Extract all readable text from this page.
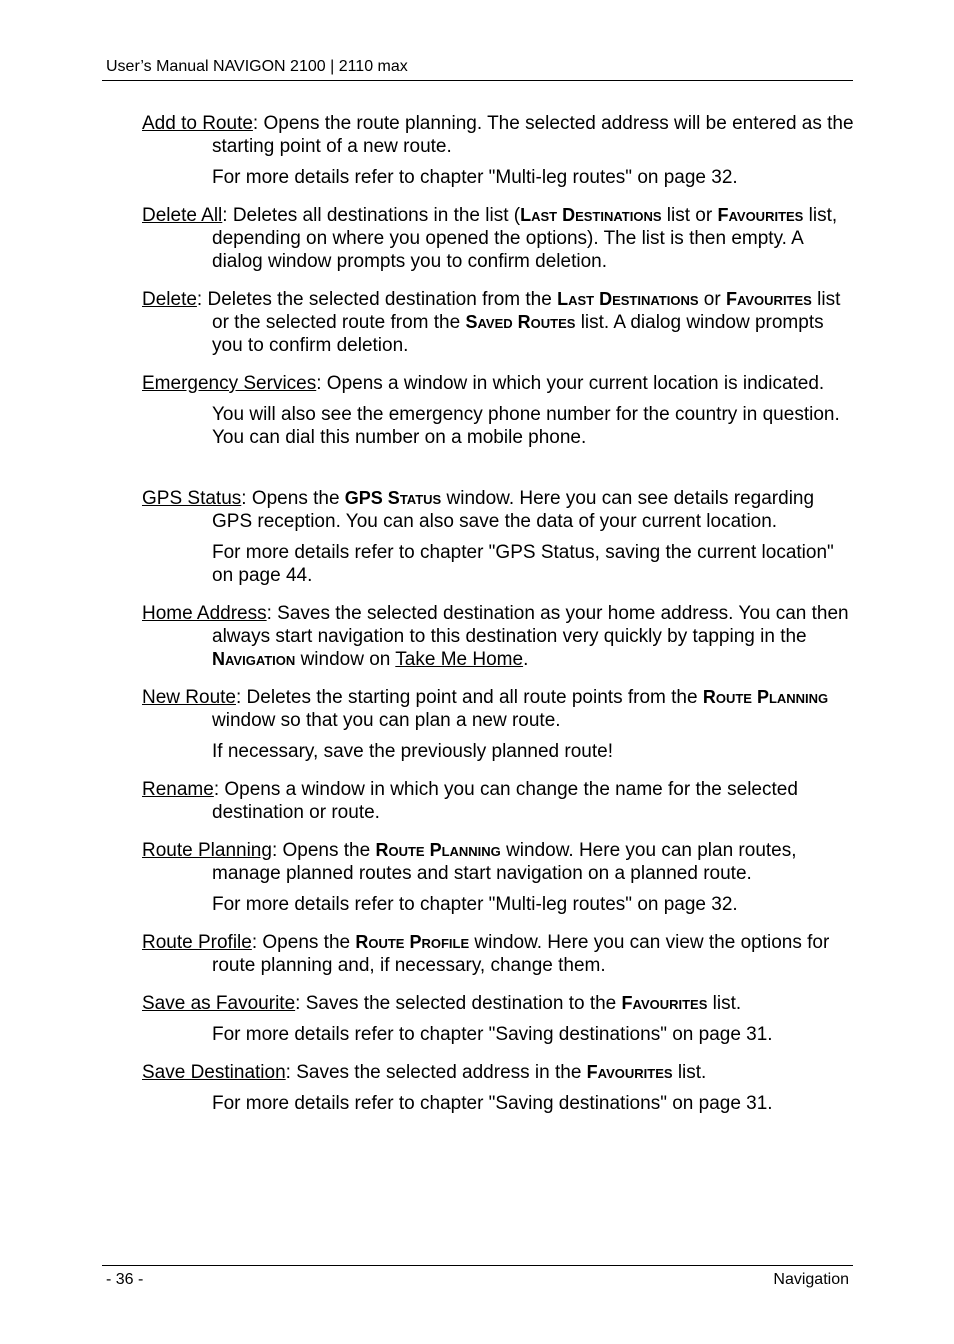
User’s Manual NAVIGON 2100 | 2110 max

Add to Route: Opens the route planning. The selected address will be entered as the starting point of a new route.

For more details refer to chapter "Multi-leg routes" on page 32.

Delete All: Deletes all destinations in the list (Last Destinations list or Favourites list, depending on where you opened the options). The list is then empty. A dialog window prompts you to confirm deletion.

Delete: Deletes the selected destination from the Last Destinations or Favourites list or the selected route from the Saved Routes list. A dialog window prompts you to confirm deletion.

Emergency Services: Opens a window in which your current location is indicated.

You will also see the emergency phone number for the country in question. You can dial this number on a mobile phone.

GPS Status: Opens the GPS Status window. Here you can see details regarding GPS reception. You can also save the data of your current location.

For more details refer to chapter "GPS Status, saving the current location" on page 44.

Home Address: Saves the selected destination as your home address. You can then always start navigation to this destination very quickly by tapping in the Navigation window on Take Me Home.

New Route: Deletes the starting point and all route points from the Route Planning window so that you can plan a new route.

If necessary, save the previously planned route!

Rename: Opens a window in which you can change the name for the selected destination or route.

Route Planning: Opens the Route Planning window. Here you can plan routes, manage planned routes and start navigation on a planned route.

For more details refer to chapter "Multi-leg routes" on page 32.

Route Profile: Opens the Route Profile window. Here you can view the options for route planning and, if necessary, change them.

Save as Favourite: Saves the selected destination to the Favourites list.

For more details refer to chapter "Saving destinations" on page 31.

Save Destination: Saves the selected address in the Favourites list.

For more details refer to chapter "Saving destinations" on page 31.

- 36 -	Navigation
